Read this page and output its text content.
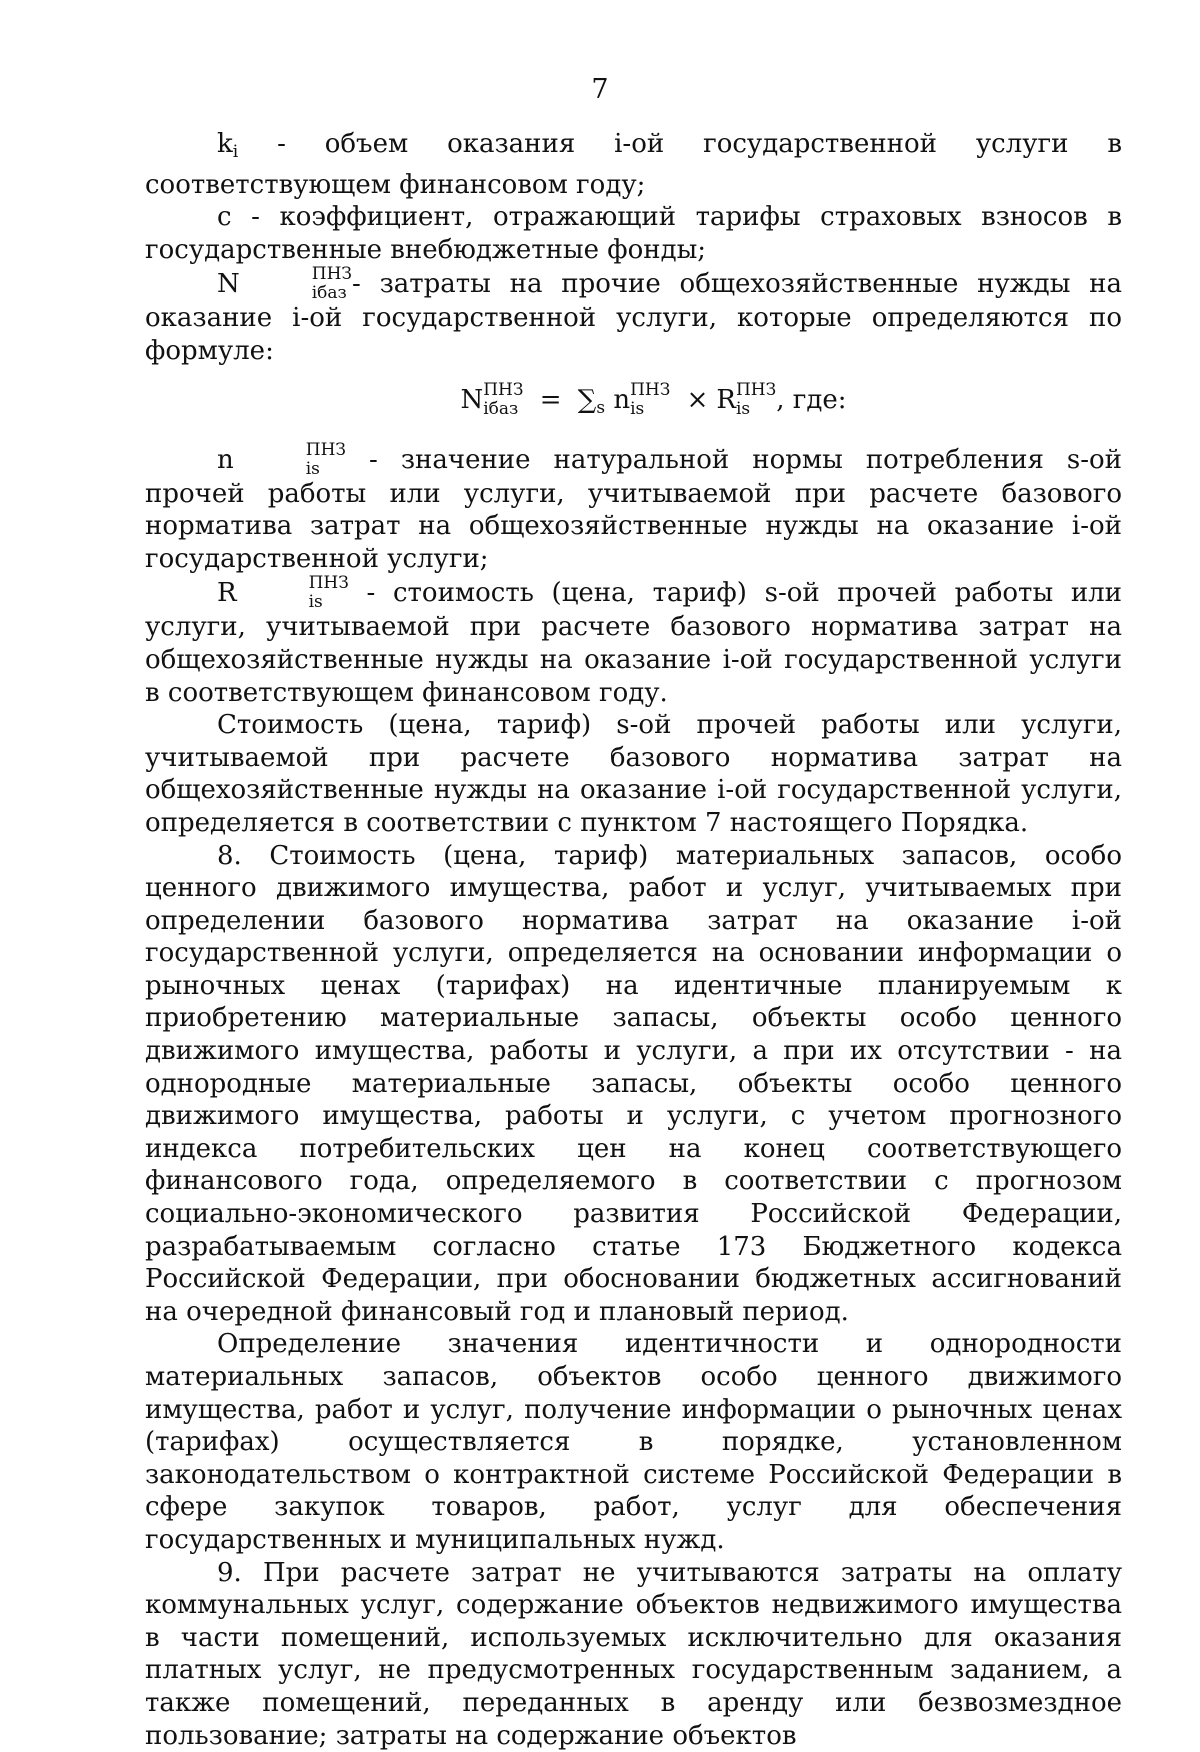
7

ki - объем оказания i-ой государственной услуги в соответствующем финансовом году;

c - коэффициент, отражающий тарифы страховых взносов в государственные внебюджетные фонды;

N	ПНЗ
iбаз - затраты на прочие общехозяйственные нужды на оказание i-ой государственной услуги, которые определяются по формуле:

N ПНЗ
iбаз = ∑s n ПНЗ
is	× R ПНЗ
is	, где:

n	ПНЗ
is	- значение натуральной нормы потребления s-ой прочей работы или услуги, учитываемой при расчете базового норматива затрат на общехозяйственные нужды на оказание i-ой государственной услуги;

R	ПНЗ
is	- стоимость (цена, тариф) s-ой прочей работы или услуги, учитываемой при расчете базового норматива затрат на общехозяйственные нужды на оказание i-ой государственной услуги в соответствующем финансовом году.

Стоимость (цена, тариф) s-ой прочей работы или услуги, учитываемой при расчете базового норматива затрат на общехозяйственные нужды на оказание i-ой государственной услуги, определяется в соответствии с пунктом 7 настоящего Порядка.

8. Стоимость (цена, тариф) материальных запасов, особо ценного движимого имущества, работ и услуг, учитываемых при определении базового норматива затрат на оказание i-ой государственной услуги, определяется на основании информации о рыночных ценах (тарифах) на идентичные планируемым к приобретению материальные запасы, объекты особо ценного движимого имущества, работы и услуги, а при их отсутствии - на однородные материальные запасы, объекты особо ценного движимого имущества, работы и услуги, с учетом прогнозного индекса потребительских цен на конец соответствующего финансового года, определяемого в соответствии с прогнозом социально-экономического развития Российской Федерации, разрабатываемым согласно статье 173 Бюджетного кодекса Российской Федерации, при обосновании бюджетных ассигнований на очередной финансовый год и плановый период.

Определение значения идентичности и однородности материальных запасов, объектов особо ценного движимого имущества, работ и услуг, получение информации о рыночных ценах (тарифах) осуществляется в порядке, установленном законодательством о контрактной системе Российской Федерации в сфере закупок товаров, работ, услуг для обеспечения государственных и муниципальных нужд.

9. При расчете затрат не учитываются затраты на оплату коммунальных услуг, содержание объектов недвижимого имущества в части помещений, используемых исключительно для оказания платных услуг, не предусмотренных государственным заданием, а также помещений, переданных в аренду или безвозмездное пользование; затраты на содержание объектов
